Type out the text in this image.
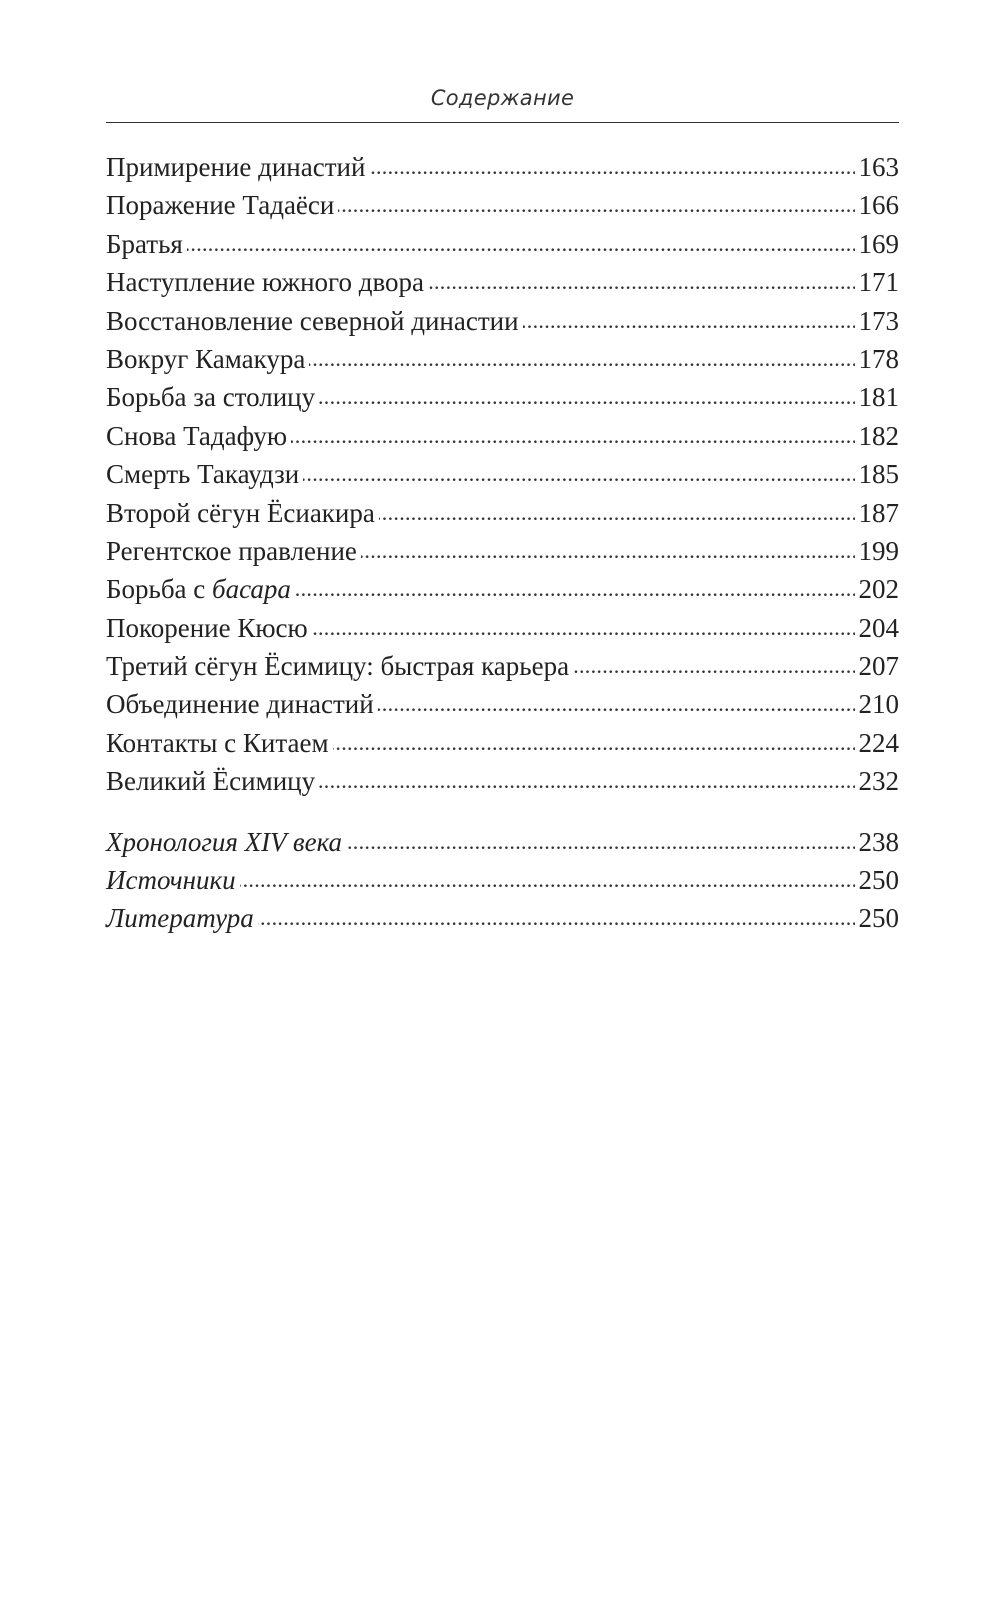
Содержание
Примирение династий . . .	163
Поражение Тадаёси . . .	166
Братья . . .	169
Наступление южного двора . . .	171
Восстановление северной династии . . .	173
Вокруг Камакура . . .	178
Борьба за столицу . . .	181
Снова Тадафую . . .	182
Смерть Такаудзи . . .	185
Второй сёгун Ёсиакира . . .	187
Регентское правление . . .	199
Борьба с басара . . .	202
Покорение Кюсю . . .	204
Третий сёгун Ёсимицу: быстрая карьера . . .	207
Объединение династий . . .	210
Контакты с Китаем . . .	224
Великий Ёсимицу . . .	232
Хронология XIV века . . .	238
Источники . . .	250
Литература . . .	250
